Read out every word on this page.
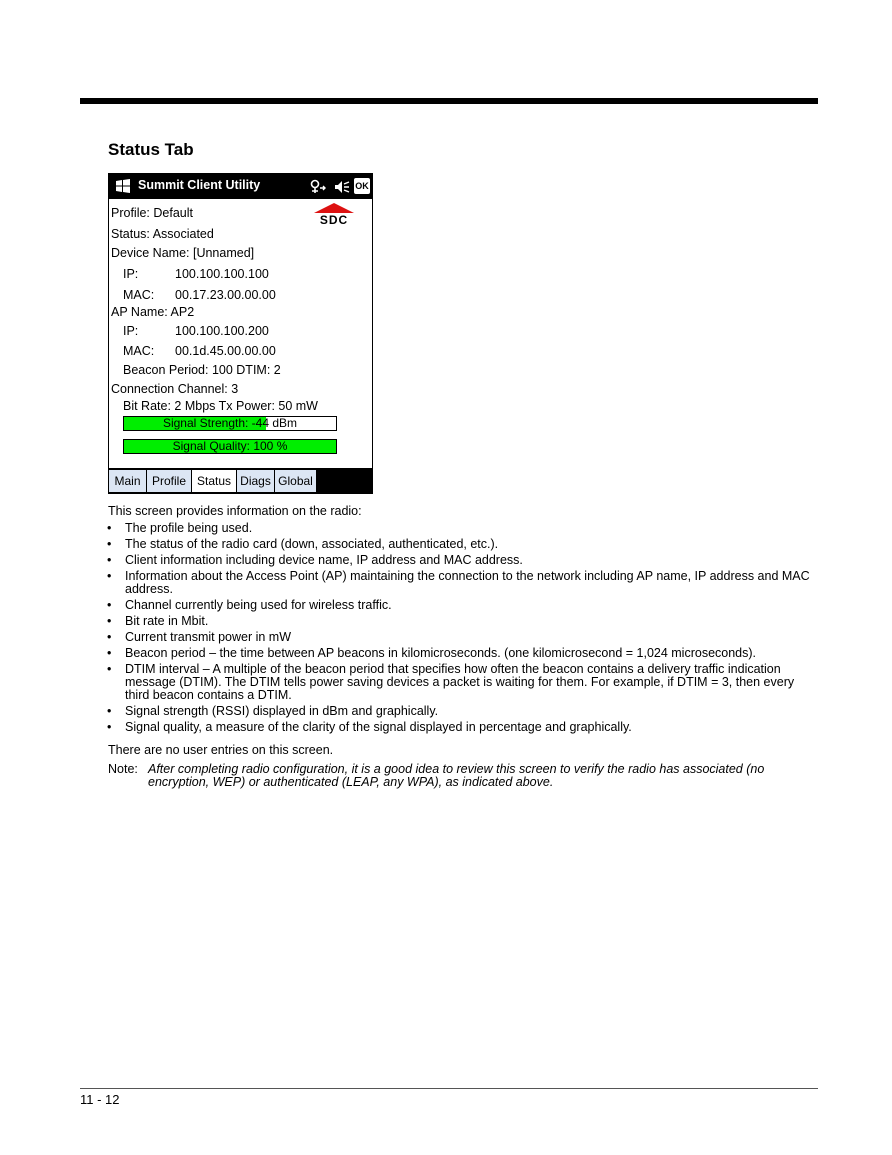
Status Tab
Summit Client Utility	OK
SDC
Profile: Default
Status: Associated
Device Name: [Unnamed]
IP:	100.100.100.100
MAC: 00.17.23.00.00.00
AP Name: AP2
IP:	100.100.100.200
MAC: 00.1d.45.00.00.00
Beacon Period: 100 DTIM: 2
Connection Channel: 3
Bit Rate: 2 Mbps Tx Power: 50 mW
Signal Strength: -44 dBm
Signal Quality: 100 %
Main Profile Status Diags Global

This screen provides information on the radio:

• The profile being used.
• The status of the radio card (down, associated, authenticated, etc.).
• Client information including device name, IP address and MAC address.
• Information about the Access Point (AP) maintaining the connection to the network including AP name, IP address and MAC address.
• Channel currently being used for wireless traffic.
• Bit rate in Mbit.
• Current transmit power in mW
• Beacon period – the time between AP beacons in kilomicroseconds. (one kilomicrosecond = 1,024 microseconds).
• DTIM interval – A multiple of the beacon period that specifies how often the beacon contains a delivery traffic indication message (DTIM). The DTIM tells power saving devices a packet is waiting for them. For example, if DTIM = 3, then every third beacon contains a DTIM.
• Signal strength (RSSI) displayed in dBm and graphically.
• Signal quality, a measure of the clarity of the signal displayed in percentage and graphically.

There are no user entries on this screen.

Note: After completing radio configuration, it is a good idea to review this screen to verify the radio has associated (no encryption, WEP) or authenticated (LEAP, any WPA), as indicated above.
11 - 12
